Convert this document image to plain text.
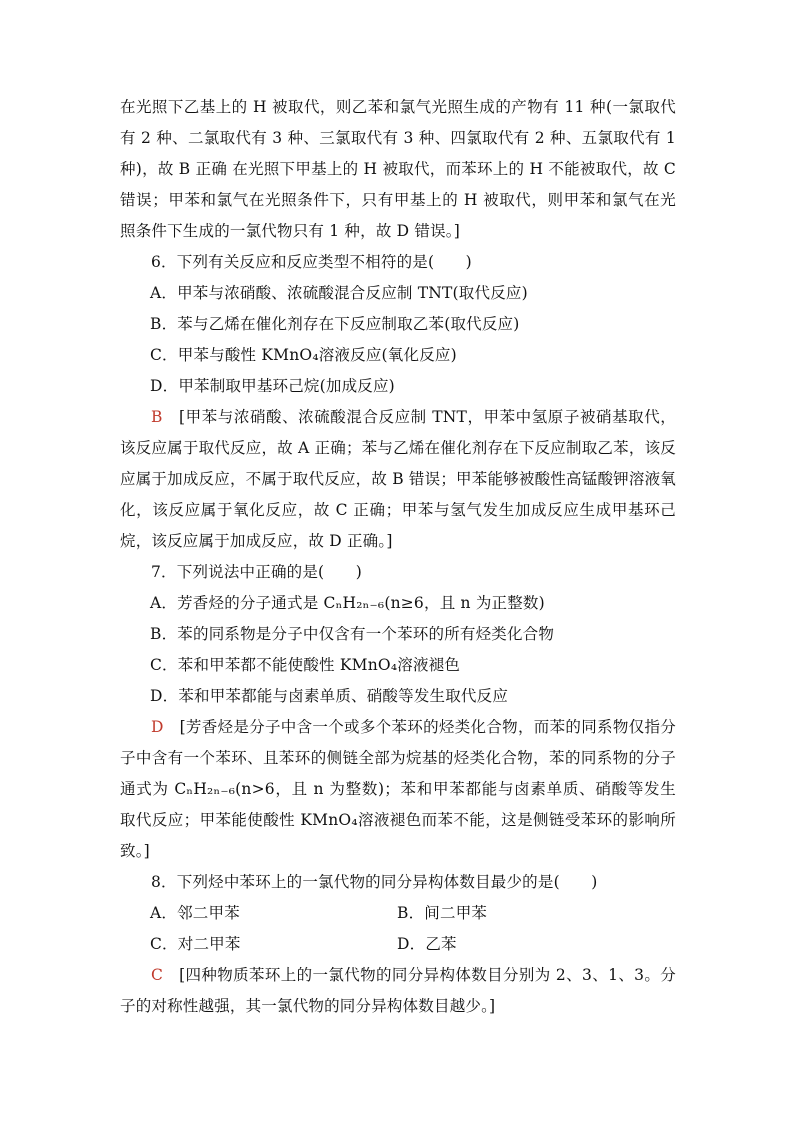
在光照下乙基上的 H 被取代，则乙苯和氯气光照生成的产物有 11 种(一氯取代有 2 种、二氯取代有 3 种、三氯取代有 3 种、四氯取代有 2 种、五氯取代有 1 种)，故 B 正确 在光照下甲基上的 H 被取代，而苯环上的 H 不能被取代，故 C 错误；甲苯和氯气在光照条件下，只有甲基上的 H 被取代，则甲苯和氯气在光照条件下生成的一氯代物只有 1 种，故 D 错误。]

6．下列有关反应和反应类型不相符的是(　　)

A．甲苯与浓硝酸、浓硫酸混合反应制 TNT(取代反应)

B．苯与乙烯在催化剂存在下反应制取乙苯(取代反应)

C．甲苯与酸性 KMnO₄溶液反应(氧化反应)

D．甲苯制取甲基环己烷(加成反应)

B　 [甲苯与浓硝酸、浓硫酸混合反应制 TNT，甲苯中氢原子被硝基取代，该反应属于取代反应，故 A 正确；苯与乙烯在催化剂存在下反应制取乙苯，该反应属于加成反应，不属于取代反应，故 B 错误；甲苯能够被酸性高锰酸钾溶液氧化，该反应属于氧化反应，故 C 正确；甲苯与氢气发生加成反应生成甲基环己烷，该反应属于加成反应，故 D 正确。]

7．下列说法中正确的是(　　)

A．芳香烃的分子通式是 CₙH₂ₙ₋₆(n≥6，且 n 为正整数)

B．苯的同系物是分子中仅含有一个苯环的所有烃类化合物

C．苯和甲苯都不能使酸性 KMnO₄溶液褪色

D．苯和甲苯都能与卤素单质、硝酸等发生取代反应

D　 [芳香烃是分子中含一个或多个苯环的烃类化合物，而苯的同系物仅指分子中含有一个苯环、且苯环的侧链全部为烷基的烃类化合物，苯的同系物的分子通式为 CₙH₂ₙ₋₆(n>6，且 n 为整数)；苯和甲苯都能与卤素单质、硝酸等发生取代反应；甲苯能使酸性 KMnO₄溶液褪色而苯不能，这是侧链受苯环的影响所致。]

8．下列烃中苯环上的一氯代物的同分异构体数目最少的是(　　)

A．邻二甲苯	B．间二甲苯

C．对二甲苯	D．乙苯

C　 [四种物质苯环上的一氯代物的同分异构体数目分别为 2、3、1、3。分子的对称性越强，其一氯代物的同分异构体数目越少。]
